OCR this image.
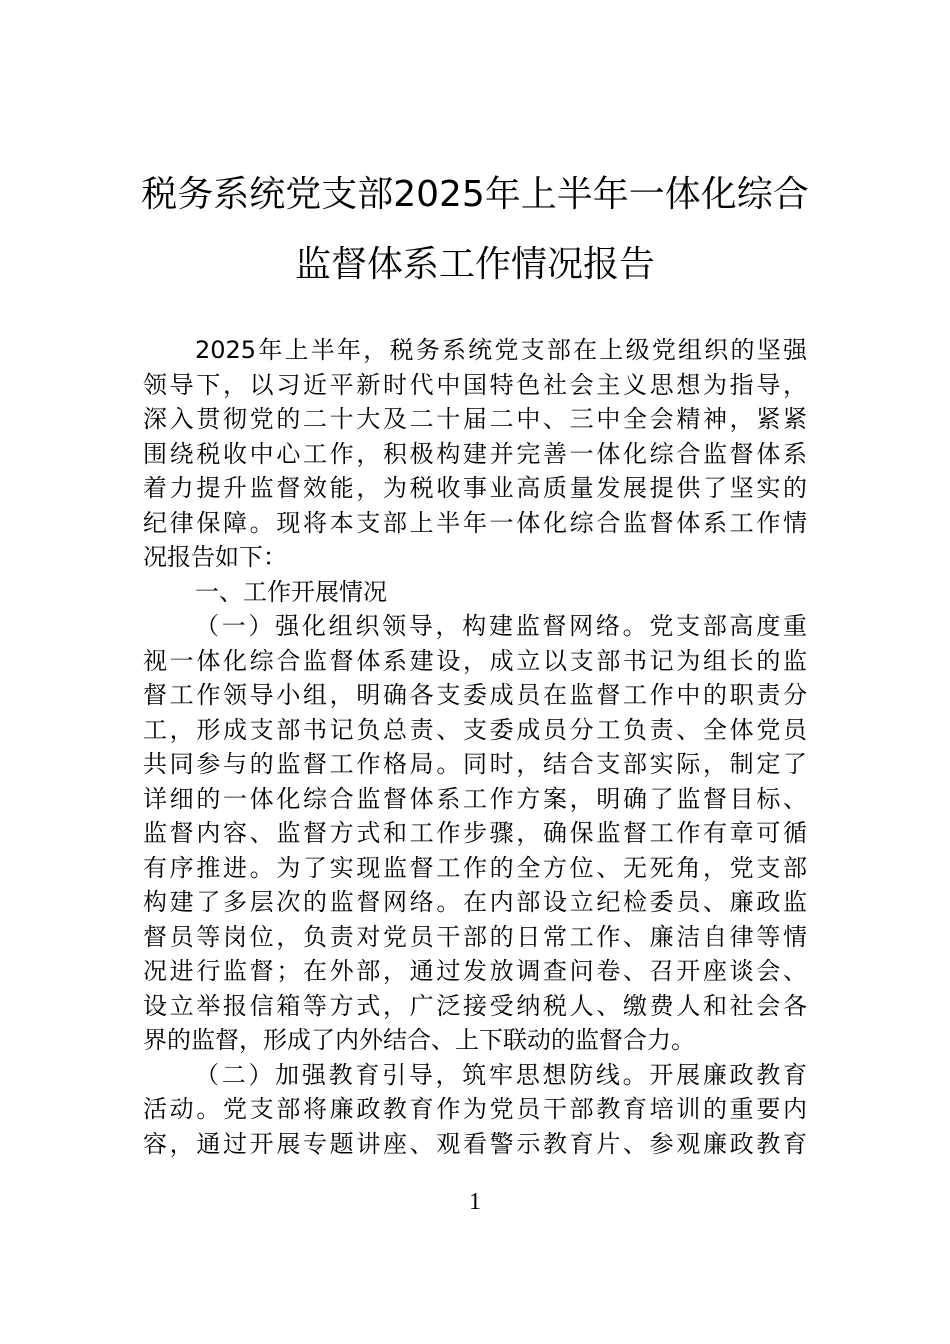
税务系统党支部2025年上半年一体化综合
监督体系工作情况报告
2025年上半年，税务系统党支部在上级党组织的坚强
领导下，以习近平新时代中国特色社会主义思想为指导，
深入贯彻党的二十大及二十届二中、三中全会精神，紧紧
围绕税收中心工作，积极构建并完善一体化综合监督体系
着力提升监督效能，为税收事业高质量发展提供了坚实的
纪律保障。现将本支部上半年一体化综合监督体系工作情
况报告如下：
一、工作开展情况
（一）强化组织领导，构建监督网络。党支部高度重
视一体化综合监督体系建设，成立以支部书记为组长的监
督工作领导小组，明确各支委成员在监督工作中的职责分
工，形成支部书记负总责、支委成员分工负责、全体党员
共同参与的监督工作格局。同时，结合支部实际，制定了
详细的一体化综合监督体系工作方案，明确了监督目标、
监督内容、监督方式和工作步骤，确保监督工作有章可循
有序推进。为了实现监督工作的全方位、无死角，党支部
构建了多层次的监督网络。在内部设立纪检委员、廉政监
督员等岗位，负责对党员干部的日常工作、廉洁自律等情
况进行监督；在外部，通过发放调查问卷、召开座谈会、
设立举报信箱等方式，广泛接受纳税人、缴费人和社会各
界的监督，形成了内外结合、上下联动的监督合力。
（二）加强教育引导，筑牢思想防线。开展廉政教育
活动。党支部将廉政教育作为党员干部教育培训的重要内
容，通过开展专题讲座、观看警示教育片、参观廉政教育
1
